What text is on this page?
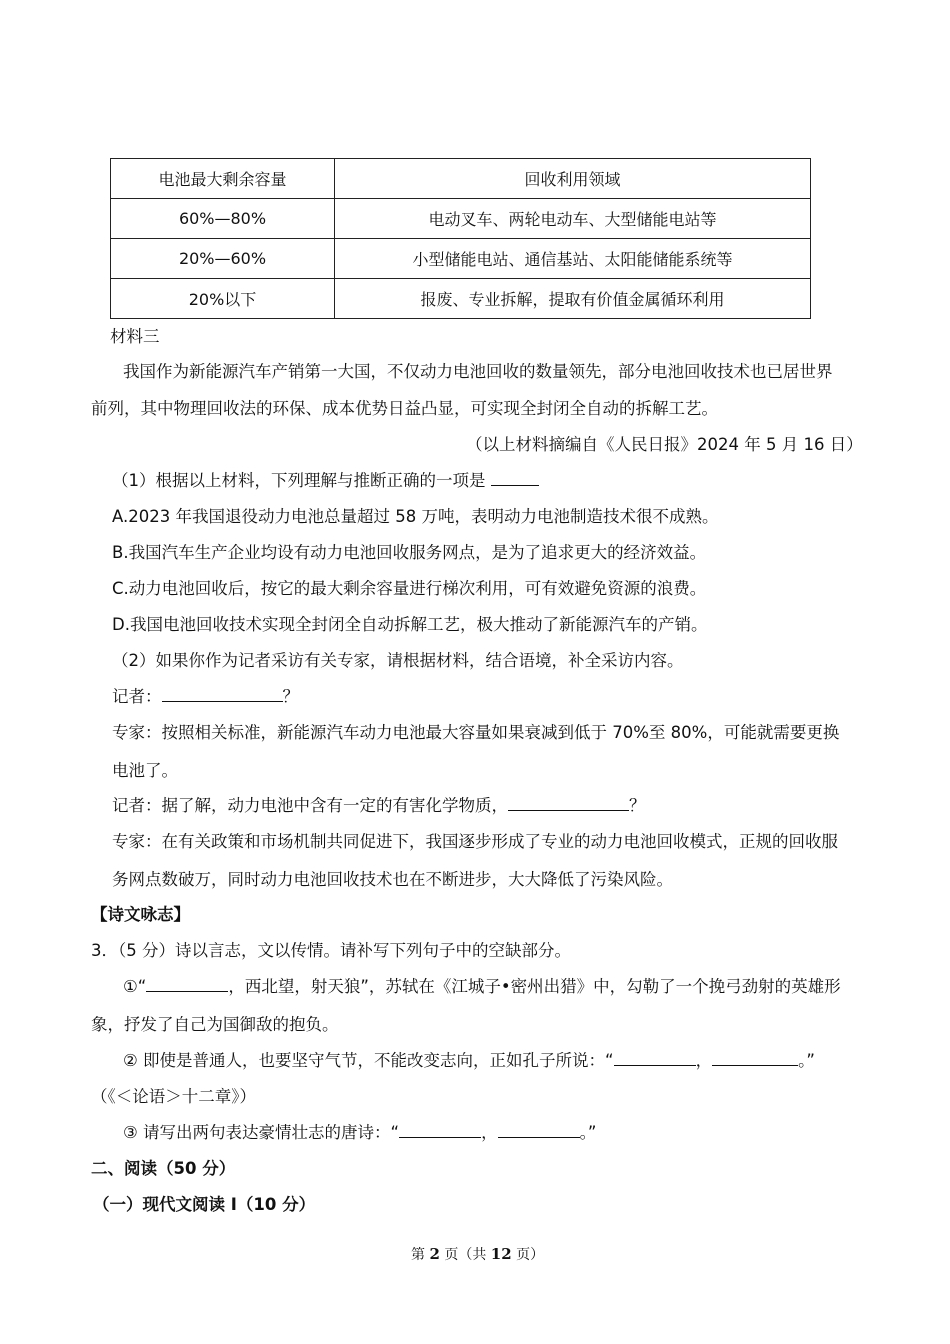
电池最大剩余容量	回收利用领域
60%—80%	电动叉车、两轮电动车、大型储能电站等
20%—60%	小型储能电站、通信基站、太阳能储能系统等
20%以下	报废、专业拆解，提取有价值金属循环利用
材料三
我国作为新能源汽车产销第一大国，不仅动力电池回收的数量领先，部分电池回收技术也已居世界
前列，其中物理回收法的环保、成本优势日益凸显，可实现全封闭全自动的拆解工艺。
（以上材料摘编自《人民日报》2024 年 5 月 16 日）
（1）根据以上材料，下列理解与推断正确的一项是
A.2023 年我国退役动力电池总量超过 58 万吨，表明动力电池制造技术很不成熟。
B.我国汽车生产企业均设有动力电池回收服务网点，是为了追求更大的经济效益。
C.动力电池回收后，按它的最大剩余容量进行梯次利用，可有效避免资源的浪费。
D.我国电池回收技术实现全封闭全自动拆解工艺，极大推动了新能源汽车的产销。
（2）如果你作为记者采访有关专家，请根据材料，结合语境，补全采访内容。
记者：	？
专家：按照相关标准，新能源汽车动力电池最大容量如果衰减到低于 70%至 80%，可能就需要更换
电池了。
记者：据了解，动力电池中含有一定的有害化学物质，	？
专家：在有关政策和市场机制共同促进下，我国逐步形成了专业的动力电池回收模式，正规的回收服
务网点数破万，同时动力电池回收技术也在不断进步，大大降低了污染风险。
【诗文咏志】
3．（5 分）诗以言志，文以传情。请补写下列句子中的空缺部分。
①“	，西北望，射天狼”，苏轼在《江城子•密州出猎》中，勾勒了一个挽弓劲射的英雄形
象，抒发了自己为国御敌的抱负。
② 即使是普通人，也要坚守气节，不能改变志向，正如孔子所说：“	，	。”
（《＜论语＞十二章》）
③ 请写出两句表达豪情壮志的唐诗：“	，	。”
二、阅读（50 分）
（一）现代文阅读 I（10 分）
第 2 页（共 12 页）
